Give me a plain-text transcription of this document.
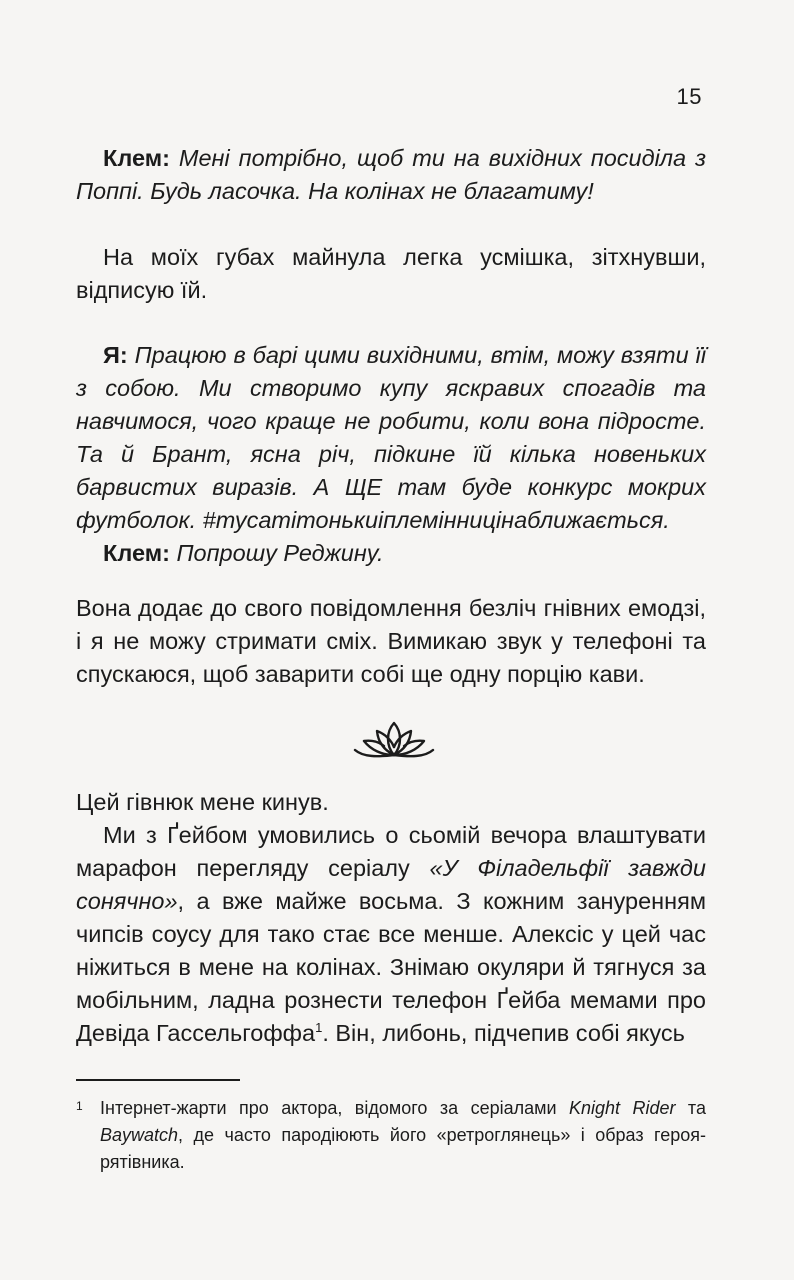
15

Клем: Мені потрібно, щоб ти на вихідних посиділа з Поппі. Будь ласочка. На колінах не благатиму!

На моїх губах майнула легка усмішка, зітхнувши, відписую їй.

Я: Працюю в барі цими вихідними, втім, можу взяти її з собою. Ми створимо купу яскравих спогадів та навчимося, чого краще не робити, коли вона підросте. Та й Брант, ясна річ, підкине їй кілька новеньких барвистих виразів. А ЩЕ там буде конкурс мокрих футболок. #тусатітонькиіплемінницінаближається.

Клем: Попрошу Реджину.

Вона додає до свого повідомлення безліч гнівних емодзі, і я не можу стримати сміх. Вимикаю звук у телефоні та спускаюся, щоб заварити собі ще одну порцію кави.

Цей гівнюк мене кинув.

Ми з Ґейбом умовились о сьомій вечора влаштувати марафон перегляду серіалу «У Філадельфії завжди сонячно», а вже майже восьма. З кожним зануренням чипсів соусу для тако стає все менше. Алексіс у цей час ніжиться в мене на колінах. Знімаю окуляри й тягнуся за мобільним, ладна рознести телефон Ґейба мемами про Девіда Гассельгоффа$^1$. Він, либонь, підчепив собі якусь

1 Інтернет-жарти про актора, відомого за серіалами Knight Rider та Baywatch, де часто пародіюють його «ретроглянець» і образ героя-рятівника.
